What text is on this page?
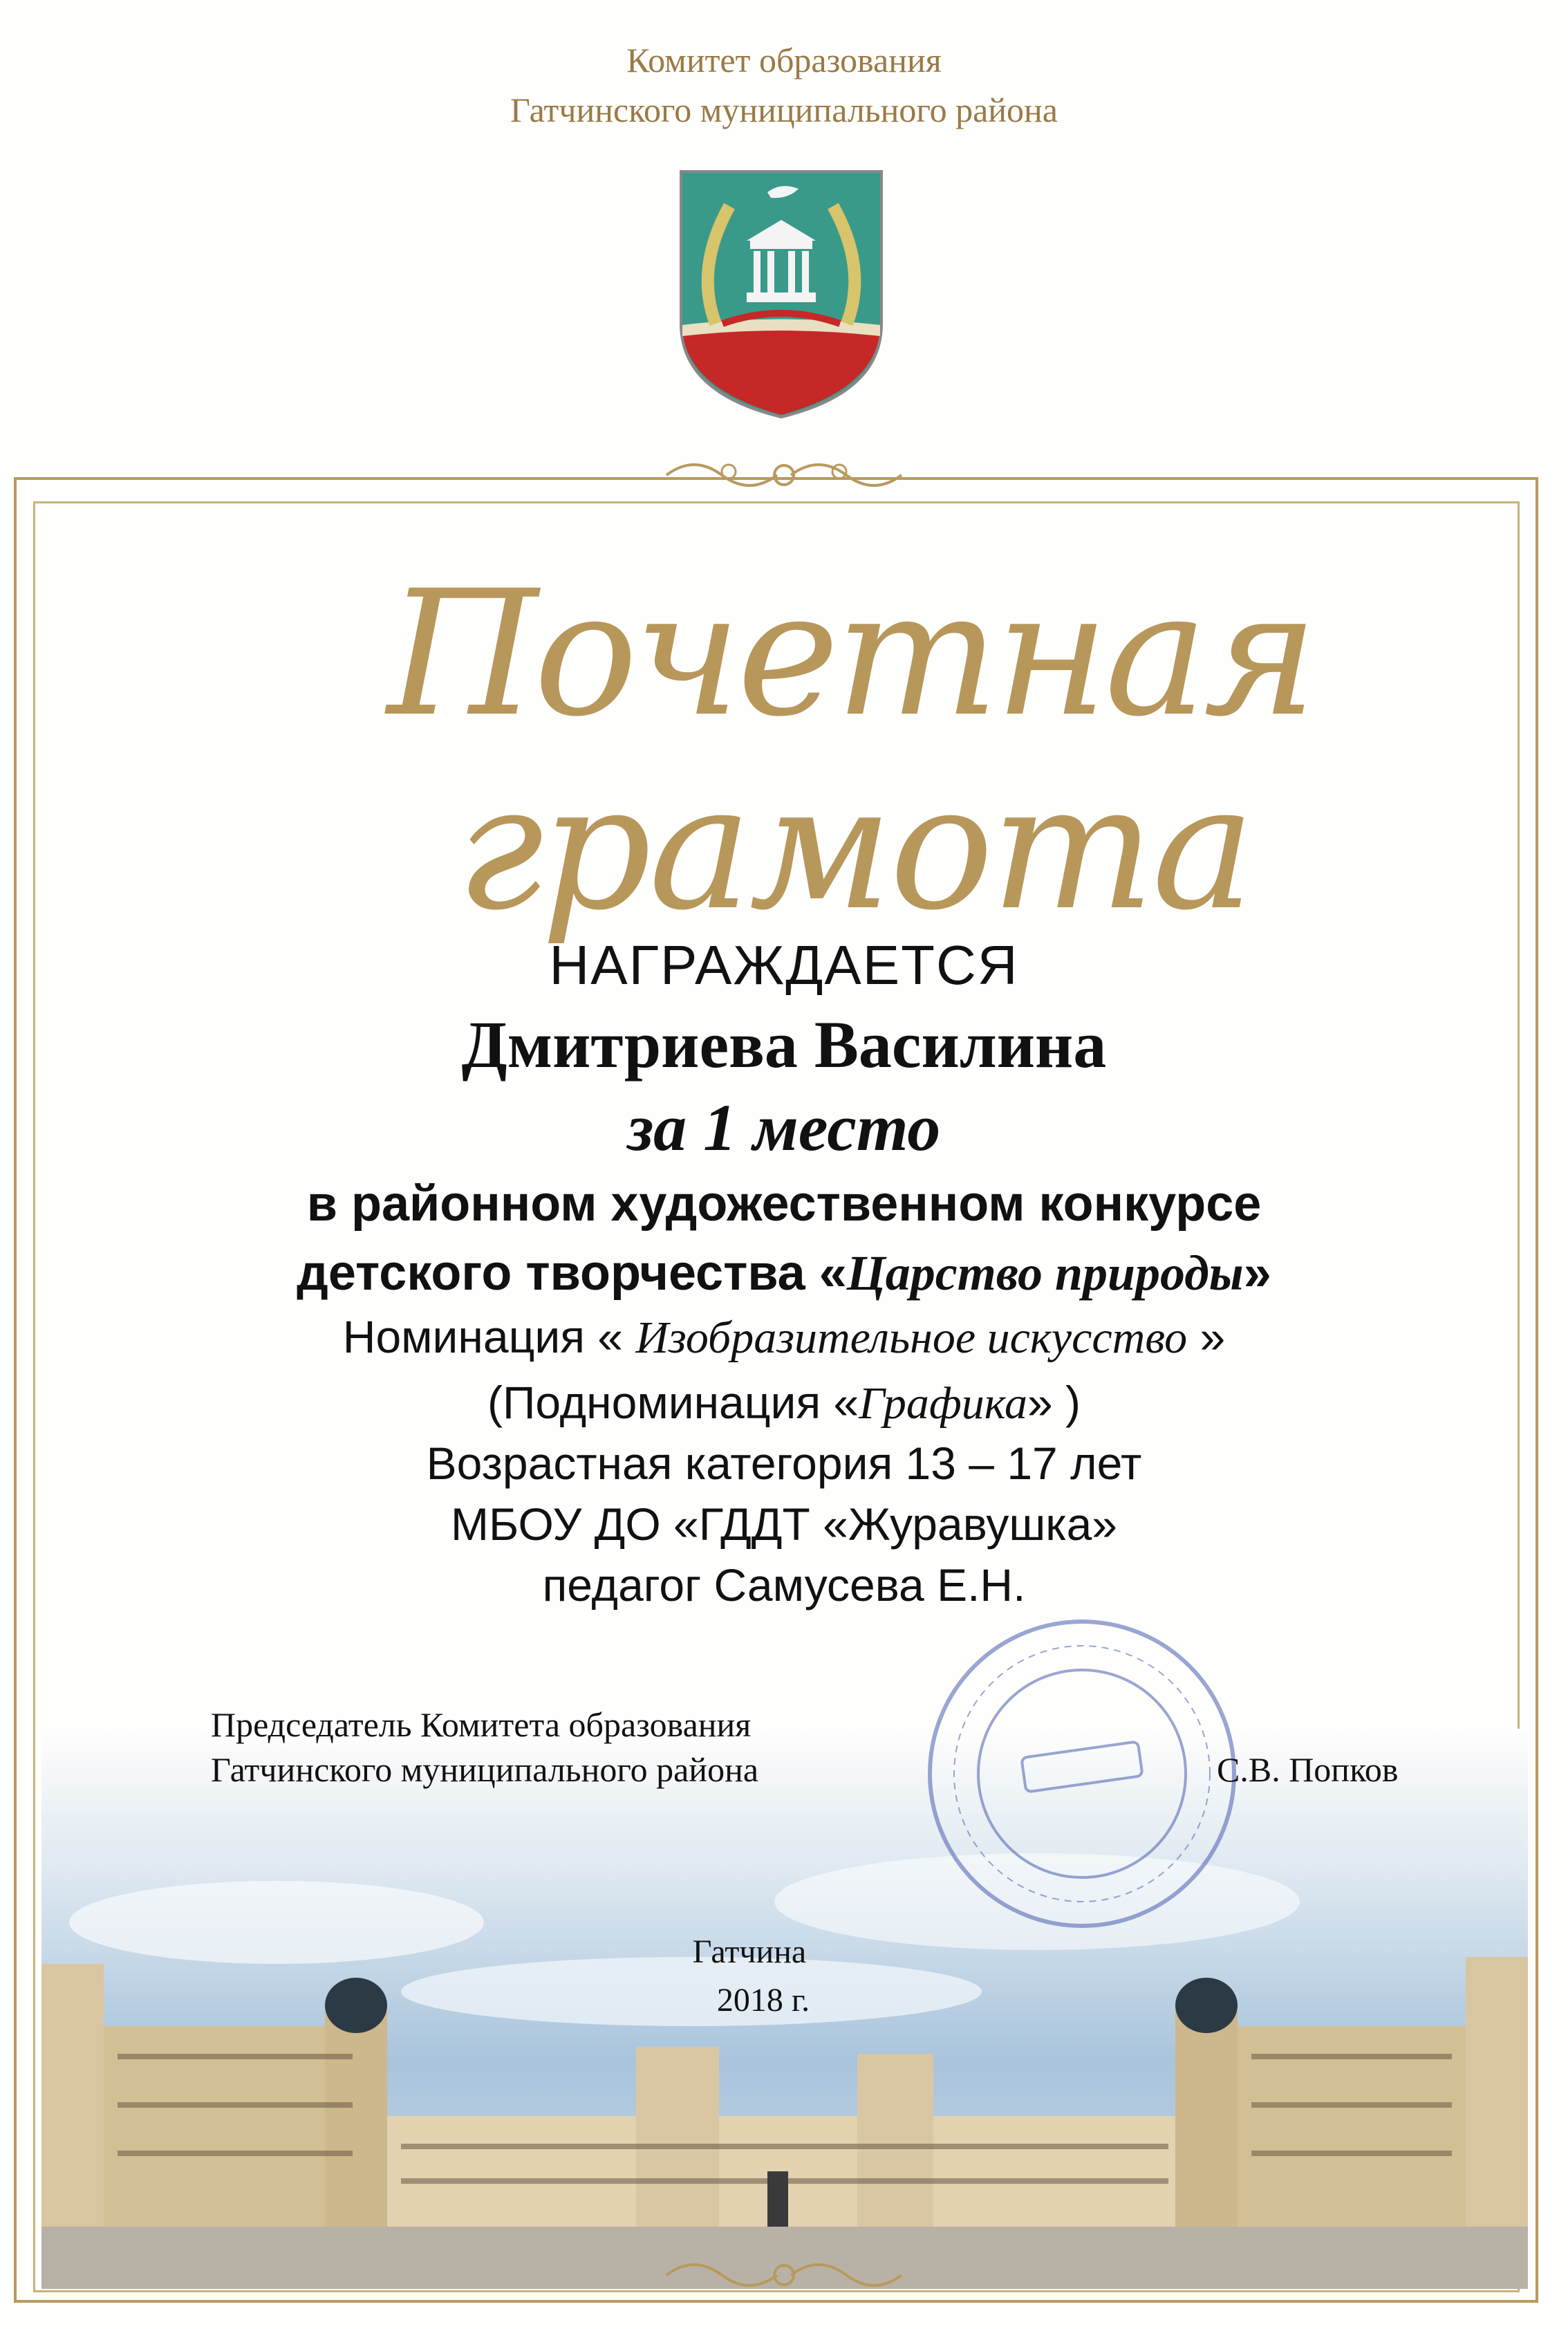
Комитет образования
Гатчинского муниципального района
Почетная
грамота
НАГРАЖДАЕТСЯ
Дмитриева Василина
за 1 место
в районном художественном конкурсе
детского творчества «Царство природы»
Номинация « Изобразительное искусство »
(Подноминация «Графика» )
Возрастная категория 13 – 17 лет
МБОУ ДО «ГДДТ «Журавушка»
педагог Самусева Е.Н.
Председатель Комитета образования
Гатчинского муниципального района	С.В. Попков
Гатчина
2018 г.
